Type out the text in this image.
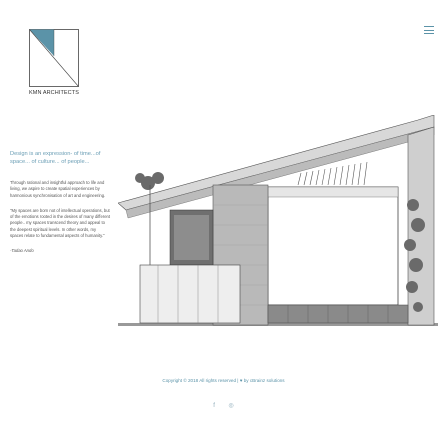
KMN ARCHITECTS

Design is an expression- of time...of space... of culture... of people...

Through rational and insightful approach to life and living, we aspire to create spatial experiences by harmonious synchronisation of art and engineering.

"My spaces are born not of intellectual operations, but of the emotions rooted in the desires of many different people.. my spaces transcend theory and appeal to the deepest spiritual levels. In other words, my spaces relate to fundamental aspects of humanity."

-Tadao Ando
Copyright © 2018 All rights reserved | ♥ by cBrainz solutions
f ◎
